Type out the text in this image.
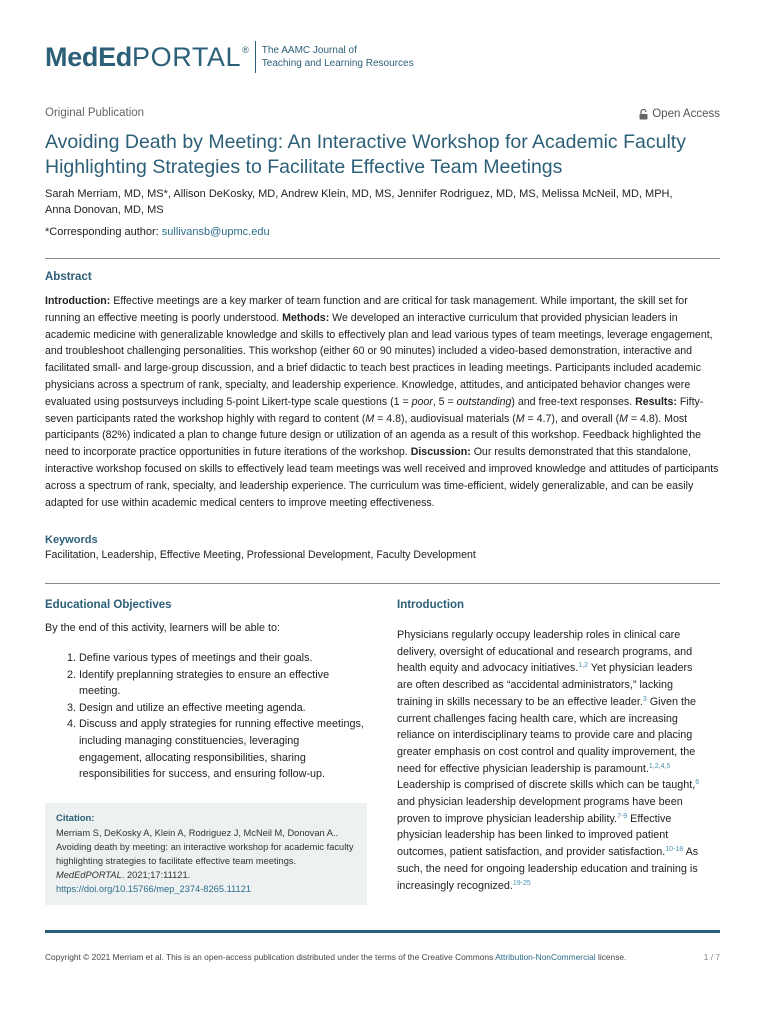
MedEd PORTAL ® The AAMC Journal of
Teaching and Learning Resources
Original Publication	Open Access
Avoiding Death by Meeting: An Interactive Workshop for Academic Faculty Highlighting Strategies to Facilitate Effective Team Meetings
Sarah Merriam, MD, MS*, Allison DeKosky, MD, Andrew Klein, MD, MS, Jennifer Rodriguez, MD, MS, Melissa McNeil, MD, MPH,
Anna Donovan, MD, MS
*Corresponding author: sullivansb@upmc.edu
Abstract

Introduction: Effective meetings are a key marker of team function and are critical for task management. While important, the skill set for running an effective meeting is poorly understood. Methods: We developed an interactive curriculum that provided physician leaders in academic medicine with generalizable knowledge and skills to effectively plan and lead various types of team meetings, leverage engagement, and troubleshoot challenging personalities. This workshop (either 60 or 90 minutes) included a video-based demonstration, interactive and facilitated small- and large-group discussion, and a brief didactic to teach best practices in leading meetings. Participants included academic physicians across a spectrum of rank, specialty, and leadership experience. Knowledge, attitudes, and anticipated behavior changes were evaluated using postsurveys including 5-point Likert-type scale questions (1 = poor, 5 = outstanding) and free-text responses. Results: Fifty-seven participants rated the workshop highly with regard to content (M = 4.8), audiovisual materials (M = 4.7), and overall (M = 4.8). Most participants (82%) indicated a plan to change future design or utilization of an agenda as a result of this workshop. Feedback highlighted the need to incorporate practice opportunities in future iterations of the workshop. Discussion: Our results demonstrated that this standalone, interactive workshop focused on skills to effectively lead team meetings was well received and improved knowledge and attitudes of participants across a spectrum of rank, specialty, and leadership experience. The curriculum was time-efficient, widely generalizable, and can be easily adapted for use within academic medical centers to improve meeting effectiveness.

Keywords
Facilitation, Leadership, Effective Meeting, Professional Development, Faculty Development
Educational Objectives
By the end of this activity, learners will be able to:
1. Define various types of meetings and their goals.
2. Identify preplanning strategies to ensure an effective meeting.
3. Design and utilize an effective meeting agenda.
4. Discuss and apply strategies for running effective meetings, including managing constituencies, leveraging engagement, allocating responsibilities, sharing responsibilities for success, and ensuring follow-up.
Citation:
Merriam S, DeKosky A, Klein A, Rodriguez J, McNeil M, Donovan A.. Avoiding death by meeting: an interactive workshop for academic faculty highlighting strategies to facilitate effective team meetings. MedEdPORTAL. 2021;17:11121.
https://doi.org/10.15766/mep_2374-8265.11121
Introduction

Physicians regularly occupy leadership roles in clinical care delivery, oversight of educational and research programs, and health equity and advocacy initiatives.$^{1,2}$ Yet physician leaders are often described as “accidental administrators,” lacking training in skills necessary to be an effective leader.$^3$ Given the current challenges facing health care, which are increasing reliance on interdisciplinary teams to provide care and placing greater emphasis on cost control and quality improvement, the need for effective physician leadership is paramount.$^{1,2,4,5}$ Leadership is comprised of discrete skills which can be taught,$^6$ and physician leadership development programs have been proven to improve physician leadership ability.$^{7-9}$ Effective physician leadership has been linked to improved patient outcomes, patient satisfaction, and provider satisfaction.$^{10-18}$ As such, the need for ongoing leadership education and training is increasingly recognized.$^{19-25}$

Copyright © 2021 Merriam et al. This is an open-access publication distributed under the terms of the Creative Commons Attribution-NonCommercial license.	1 / 7
